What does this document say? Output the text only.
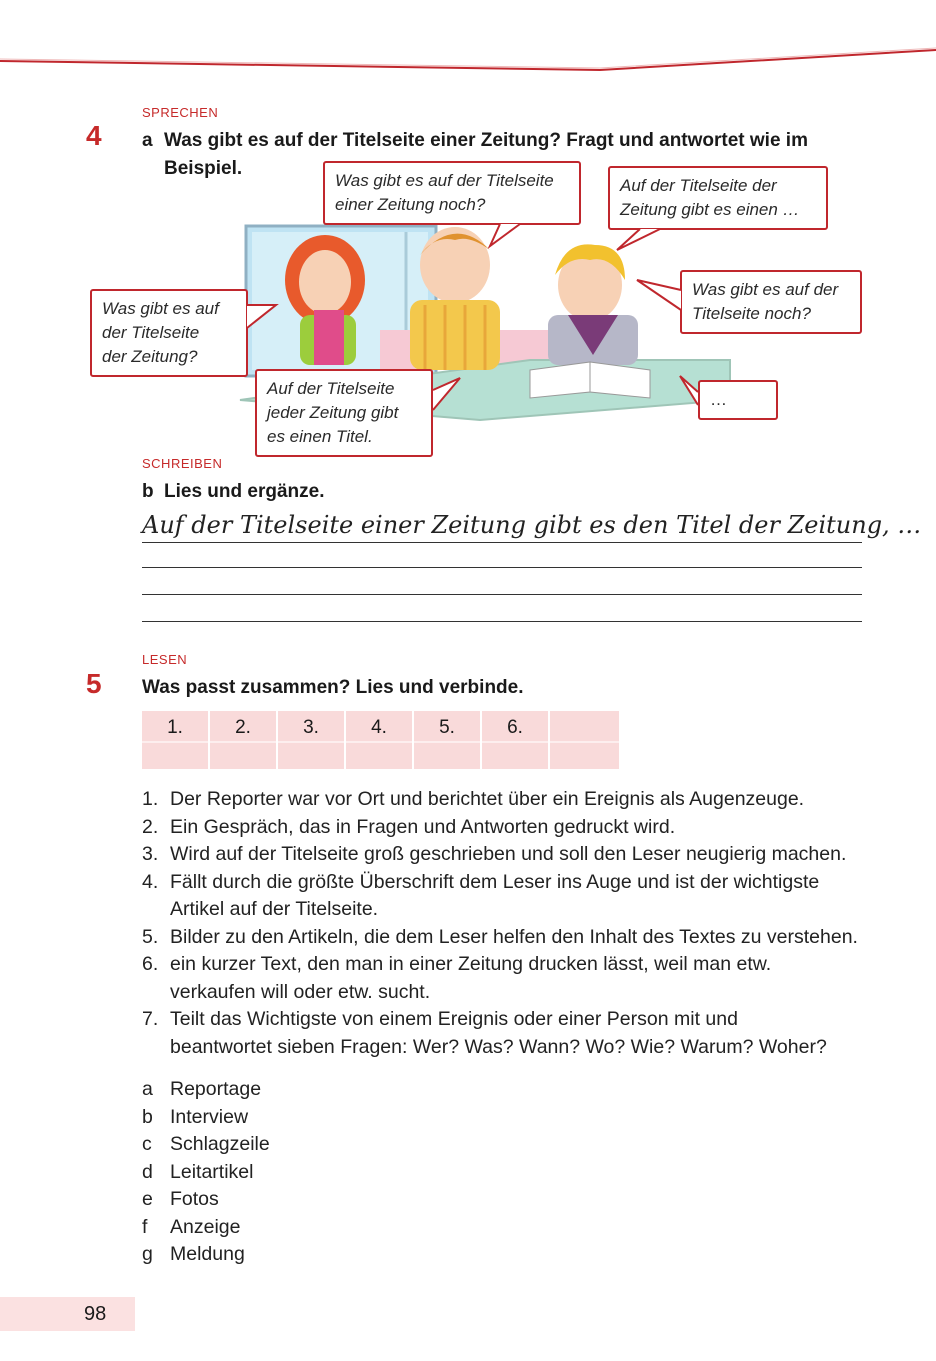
SPRECHEN
4 a Was gibt es auf der Titelseite einer Zeitung? Fragt und antwortet wie im
Beispiel.
Was gibt es auf der Titelseite
einer Zeitung noch?
Auf der Titelseite der
Zeitung gibt es einen …
Was gibt es auf
der Titelseite
der Zeitung?
Was gibt es auf der
Titelseite noch?
Auf der Titelseite
jeder Zeitung gibt
es einen Titel.
…
SCHREIBEN
b Lies und ergänze.
Auf der Titelseite einer Zeitung gibt es den Titel der Zeitung, …
LESEN
5 Was passt zusammen? Lies und verbinde.
1.	2.	3.	4.	5.	6.
1. Der Reporter war vor Ort und berichtet über ein Ereignis als Augenzeuge.
2. Ein Gespräch, das in Fragen und Antworten gedruckt wird.
3. Wird auf der Titelseite groß geschrieben und soll den Leser neugierig machen.
4. Fällt durch die größte Überschrift dem Leser ins Auge und ist der wichtigste
Artikel auf der Titelseite.
5. Bilder zu den Artikeln, die dem Leser helfen den Inhalt des Textes zu verstehen.
6. ein kurzer Text, den man in einer Zeitung drucken lässt, weil man etw.
verkaufen will oder etw. sucht.
7. Teilt das Wichtigste von einem Ereignis oder einer Person mit und
beantwortet sieben Fragen: Wer? Was? Wann? Wo? Wie? Warum? Woher?
a Reportage
b Interview
c Schlagzeile
d Leitartikel
e Fotos
f Anzeige
g Meldung
98
